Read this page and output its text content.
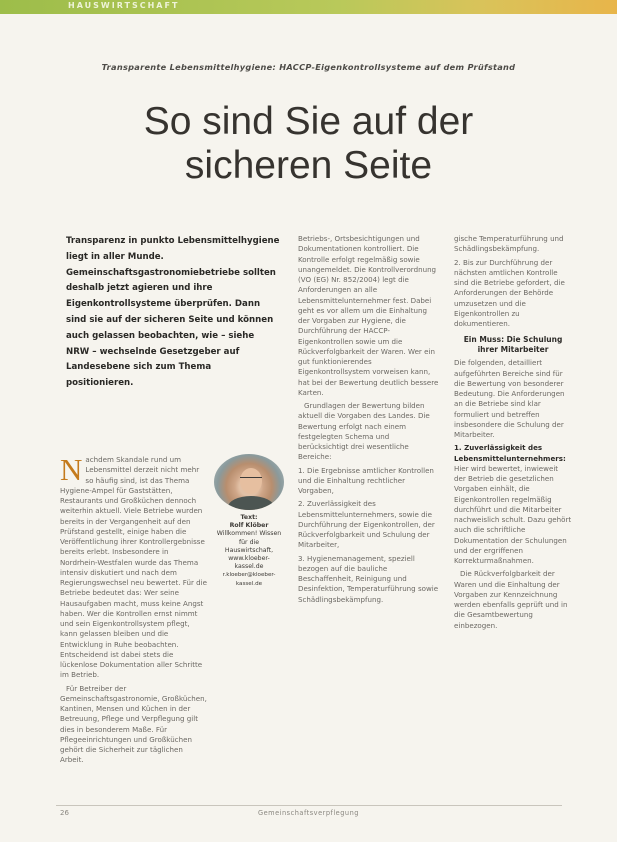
HAUSWIRTSCHAFT
Transparente Lebensmittelhygiene: HACCP-Eigenkontrollsysteme auf dem Prüfstand
So sind Sie auf der
sicheren Seite

Transparenz in punkto Lebensmittelhygiene liegt in aller Munde. Gemeinschaftsgastronomiebetriebe sollten deshalb jetzt agieren und ihre Eigenkontrollsysteme überprüfen. Dann sind sie auf der sicheren Seite und können auch gelassen beobachten, wie – siehe NRW – wechselnde Gesetzgeber auf Landesebene sich zum Thema positionieren.

N achdem Skandale rund um Lebensmittel derzeit nicht mehr so häufig sind, ist das Thema Hygiene-Ampel für Gaststätten, Restaurants und Großküchen dennoch weiterhin aktuell. Viele Betriebe wurden bereits in der Vergangenheit auf den Prüfstand gestellt, einige haben die Veröffentlichung ihrer Kontrollergebnisse bereits erlebt. Insbesondere in Nordrhein-Westfalen wurde das Thema intensiv diskutiert und nach dem Regierungswechsel neu bewertet. Für die Betriebe bedeutet das: Wer seine Hausaufgaben macht, muss keine Angst haben. Wer die Kontrollen ernst nimmt und sein Eigenkontrollsystem pflegt, kann gelassen bleiben und die Entwicklung in Ruhe beobachten. Entscheidend ist dabei stets die lückenlose Dokumentation aller Schritte im Betrieb.

Für Betreiber der Gemeinschaftsgastronomie, Großküchen, Kantinen, Mensen und Küchen in der Betreuung, Pflege und Verpflegung gilt dies in besonderem Maße. Für Pflegeeinrichtungen und Großküchen gehört die Sicherheit zur täglichen Arbeit.

Text:
Rolf Klöber
Willkommen! Wissen für die Hauswirtschaft,
www.kloeber-
kassel.de
r.kloeber@kloeber-kassel.de

Betriebs-, Ortsbesichtigungen und Dokumentationen kontrolliert. Die Kontrolle erfolgt regelmäßig sowie unangemeldet. Die Kontrollverordnung (VO (EG) Nr. 852/2004) legt die Anforderungen an alle Lebensmittelunternehmer fest. Dabei geht es vor allem um die Einhaltung der Vorgaben zur Hygiene, die Durchführung der HACCP-Eigenkontrollen sowie um die Rückverfolgbarkeit der Waren. Wer ein gut funktionierendes Eigenkontrollsystem vorweisen kann, hat bei der Bewertung deutlich bessere Karten.

Grundlagen der Bewertung bilden aktuell die Vorgaben des Landes. Die Bewertung erfolgt nach einem festgelegten Schema und berücksichtigt drei wesentliche Bereiche:

1. Die Ergebnisse amtlicher Kontrollen und die Einhaltung rechtlicher Vorgaben,

2. Zuverlässigkeit des Lebensmittelunternehmers, sowie die Durchführung der Eigenkontrollen, der Rückverfolgbarkeit und Schulung der Mitarbeiter,

3. Hygienemanagement, speziell bezogen auf die bauliche Beschaffenheit, Reinigung und Desinfektion, Temperaturführung sowie Schädlingsbekämpfung.

gische Temperaturführung und Schädlingsbekämpfung.

2. Bis zur Durchführung der nächsten amtlichen Kontrolle sind die Betriebe gefordert, die Anforderungen der Behörde umzusetzen und die Eigenkontrollen zu dokumentieren.

Ein Muss: Die Schulung
ihrer Mitarbeiter

Die folgenden, detailliert aufgeführten Bereiche sind für die Bewertung von besonderer Bedeutung. Die Anforderungen an die Betriebe sind klar formuliert und betreffen insbesondere die Schulung der Mitarbeiter.

1. Zuverlässigkeit des Lebensmittelunternehmers: Hier wird bewertet, inwieweit der Betrieb die gesetzlichen Vorgaben einhält, die Eigenkontrollen regelmäßig durchführt und die Mitarbeiter nachweislich schult. Dazu gehört auch die schriftliche Dokumentation der Schulungen und der ergriffenen Korrekturmaßnahmen.

Die Rückverfolgbarkeit der Waren und die Einhaltung der Vorgaben zur Kennzeichnung werden ebenfalls geprüft und in die Gesamtbewertung einbezogen.

26	Gemeinschaftsverpflegung
